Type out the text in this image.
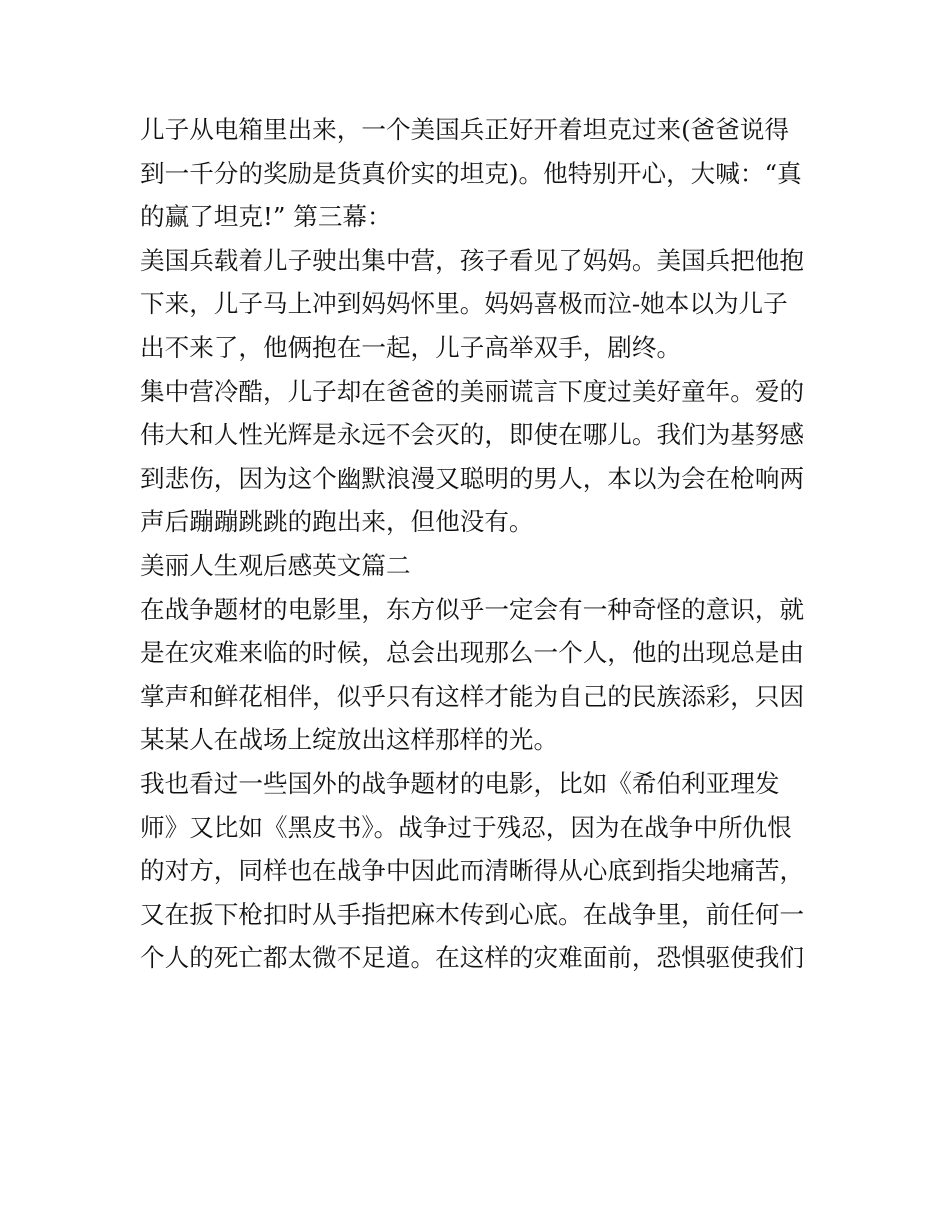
儿子从电箱里出来，一个美国兵正好开着坦克过来(爸爸说得
到一千分的奖励是货真价实的坦克)。他特别开心，大喊：“真
的赢了坦克!” 第三幕：
美国兵载着儿子驶出集中营，孩子看见了妈妈。美国兵把他抱
下来，儿子马上冲到妈妈怀里。妈妈喜极而泣-她本以为儿子
出不来了，他俩抱在一起，儿子高举双手，剧终。
集中营冷酷，儿子却在爸爸的美丽谎言下度过美好童年。爱的
伟大和人性光辉是永远不会灭的，即使在哪儿。我们为基努感
到悲伤，因为这个幽默浪漫又聪明的男人，本以为会在枪响两
声后蹦蹦跳跳的跑出来，但他没有。
美丽人生观后感英文篇二
在战争题材的电影里，东方似乎一定会有一种奇怪的意识，就
是在灾难来临的时候，总会出现那么一个人，他的出现总是由
掌声和鲜花相伴，似乎只有这样才能为自己的民族添彩，只因
某某人在战场上绽放出这样那样的光。
我也看过一些国外的战争题材的电影，比如《希伯利亚理发
师》又比如《黑皮书》。战争过于残忍，因为在战争中所仇恨
的对方，同样也在战争中因此而清晰得从心底到指尖地痛苦，
又在扳下枪扣时从手指把麻木传到心底。在战争里，前任何一
个人的死亡都太微不足道。在这样的灾难面前，恐惧驱使我们
